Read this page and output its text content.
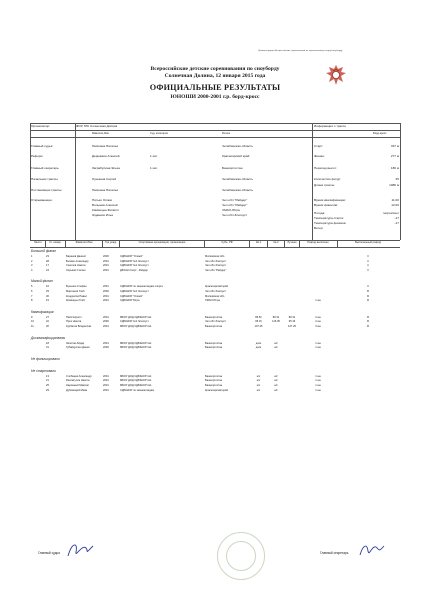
Правила форма Всероссийских соревнований по горнолыжному спорту/сноуборду
Всероссийские детские соревнования по сноуборду
Солнечная Долина, 12 января 2015 года
ОФИЦИАЛЬНЫЕ РЕЗУЛЬТАТЫ
ЮНОШИ 2000-2001 г.р. борд-кросс
Организатор:	ФСР, ГЛК Солнечная Долина	Информация о трассе
Фамилия,Имя	Суд. категория	Регион	Борд-кросс
Главный судья:	Лапшина Наталья	Челябинская область
Рефери:	Дерюжкин Алексей	1 кат.	Красноярский край
Главный секретарь:	Заграбулина Эльза	1 кат.	Башкортостан
Начальник трассы:	Лукьянов Сергей	Челябинская область
Постановщик трассы:	Лапшина Наталья	Челябинская область
Открывающие:	Пятько Олжас	Чел.обл "Райдер"
Волынов Алексей	Чел.обл "Райдер"
Киминцын Филипп	ХМАО-Югра
Жданков Илья	Чел.обл Златоуст
Старт:	337 м
Финиш:	277 м
Перепад высот:	180 м
Количество фигур:	25
Длина трассы:	1080 м
Время квалификации:	11.00
Время финалов:	12.00
Погода:	мороз/снег
Температура старта:	-17
Температура финиша:	-17
Ветер:
Место	Ст. номер	Фамилия Имя	Год рожд.	Спортивная организация, организация	Субъ. РФ	Кв.1	Кв.2	Лучшее	Разряд выполнен	Выполненный разряд
Большой финал
1	23	Баранов Даниил	2000	СДЮШОР "Олимп"	Московская обл.	II
2	28	Бызкин Александр	2001	СДЮШОР №1 Златоуст	Чел.обл Златоуст	II
3	17	Соколов Никита	2001	СДЮШОР №1 Златоуст	Чел.обл Златоуст	II
4	24	Хорьков Степан	2001	ДЮСШ Спорт - Райдер	Чел.обл "Райдер"	II
Малый финал
5	16	Бузынин Стефан	2001	СДЮШОР по зимним видам спорта	Красноярский край	II
6	29	Мартюков Глеб	2000	СДЮШОР №1 Златоуст	Чел.обл Златоуст	III
7	30	Кондратов Павел	2001	СДЮШОР "Олимп"	Московская обл.	III
8	15	Киминцын Глеб	2001	СДЮШОР Югра	ХМАО-Югра	1 юн	III
Квалификация
9	27	Пейз Кирилл	2001	МБОУ ДОД СДЮШОР №1	Башкортостан	86.51	86.31	86.31	2 юн	III
10	22	Прох Никита	2000	СДЮШОР №1 Златоуст	Чел.обл Златоуст	95.16	116.35	95.16	2 юн	III
11	30	Курбатов Владислав	2001	МБОУ ДОД СДЮШОР №1	Башкортостан	107.25	107.25	3 юн	III
Дисквалифицированы
18	Залотов Айдар	2001	МБОУ ДОД СДЮШОР №1	Башкортостан	диск	н/с	1 юн
31	Губайдуллин Данил	2000	МБОУ ДОД СДЮШОР №1	Башкортостан	диск	н/с	1 юн
Не финишировали
Не стартовали
13	Слобянев Александр	2001	МБОУ ДОД СДЮШОР №1	Башкортостан	н/с	н/с	1 юн
21	Рахимгулин Никита	2001	МБОУ ДОД СДЮШОР №1	Башкортостан	н/с	н/с	1 юн
25	Нарожный Максим	2001	МБОУ ДОД СДЮШОР №1	Башкортостан	н/с	н/с	1 юн
29	Дубовицкий Иван	2001	СДЮШОР по зимним видам	Красноярский край	н/с	н/с	1 юн
Главный судья	Главный секретарь
